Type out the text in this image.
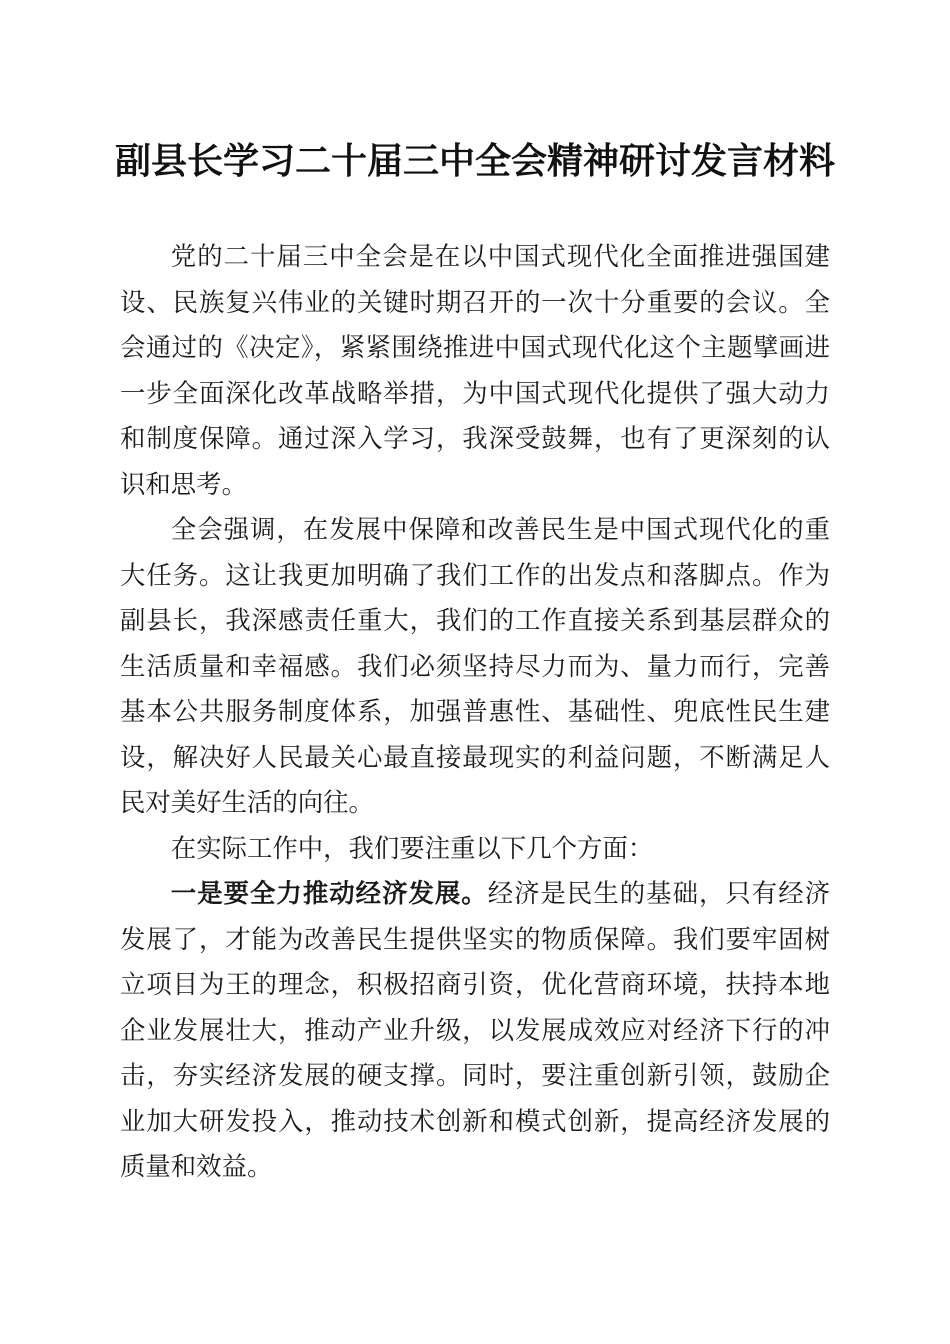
副县长学习二十届三中全会精神研讨发言材料

党的二十届三中全会是在以中国式现代化全面推进强国建设、民族复兴伟业的关键时期召开的一次十分重要的会议。全会通过的《决定》，紧紧围绕推进中国式现代化这个主题擘画进一步全面深化改革战略举措，为中国式现代化提供了强大动力和制度保障。通过深入学习，我深受鼓舞，也有了更深刻的认识和思考。

全会强调，在发展中保障和改善民生是中国式现代化的重大任务。这让我更加明确了我们工作的出发点和落脚点。作为副县长，我深感责任重大，我们的工作直接关系到基层群众的生活质量和幸福感。我们必须坚持尽力而为、量力而行，完善基本公共服务制度体系，加强普惠性、基础性、兜底性民生建设，解决好人民最关心最直接最现实的利益问题，不断满足人民对美好生活的向往。

在实际工作中，我们要注重以下几个方面：

一是要全力推动经济发展。经济是民生的基础，只有经济发展了，才能为改善民生提供坚实的物质保障。我们要牢固树立项目为王的理念，积极招商引资，优化营商环境，扶持本地企业发展壮大，推动产业升级，以发展成效应对经济下行的冲击，夯实经济发展的硬支撑。同时，要注重创新引领，鼓励企业加大研发投入，推动技术创新和模式创新，提高经济发展的质量和效益。
